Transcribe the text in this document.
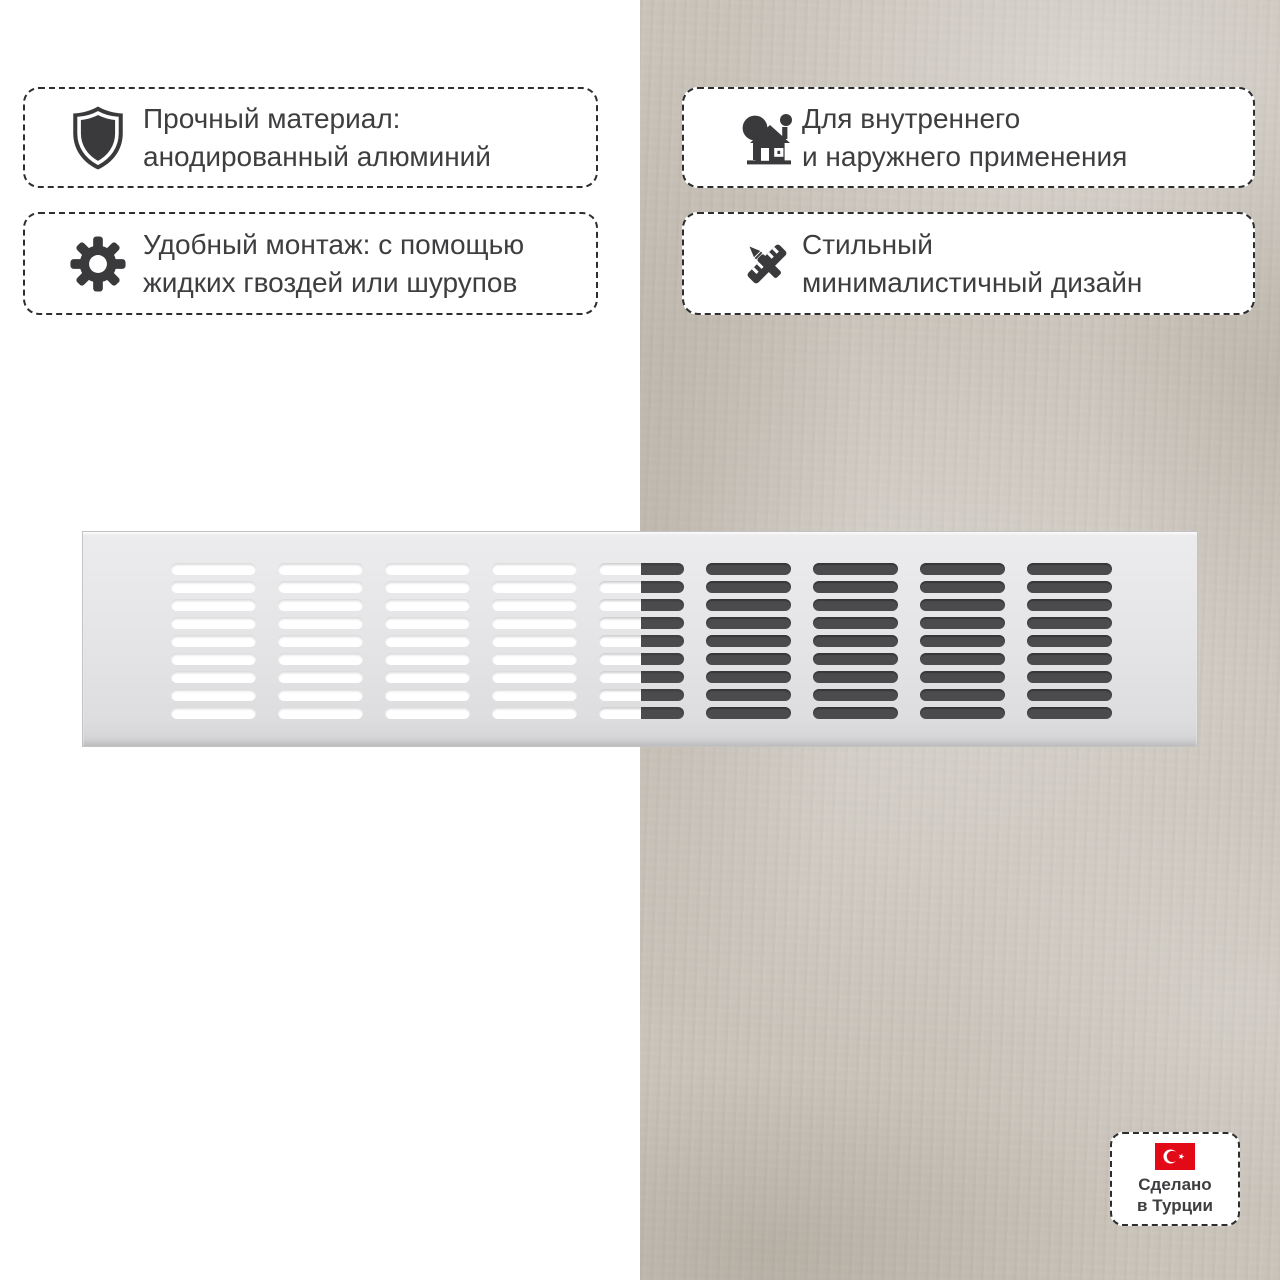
Прочный материал:
анодированный алюминий
Удобный монтаж: с помощью
жидких гвоздей или шурупов
Для внутреннего
и наружнего применения
Стильный
минималистичный дизайн
Сделано
в Турции
